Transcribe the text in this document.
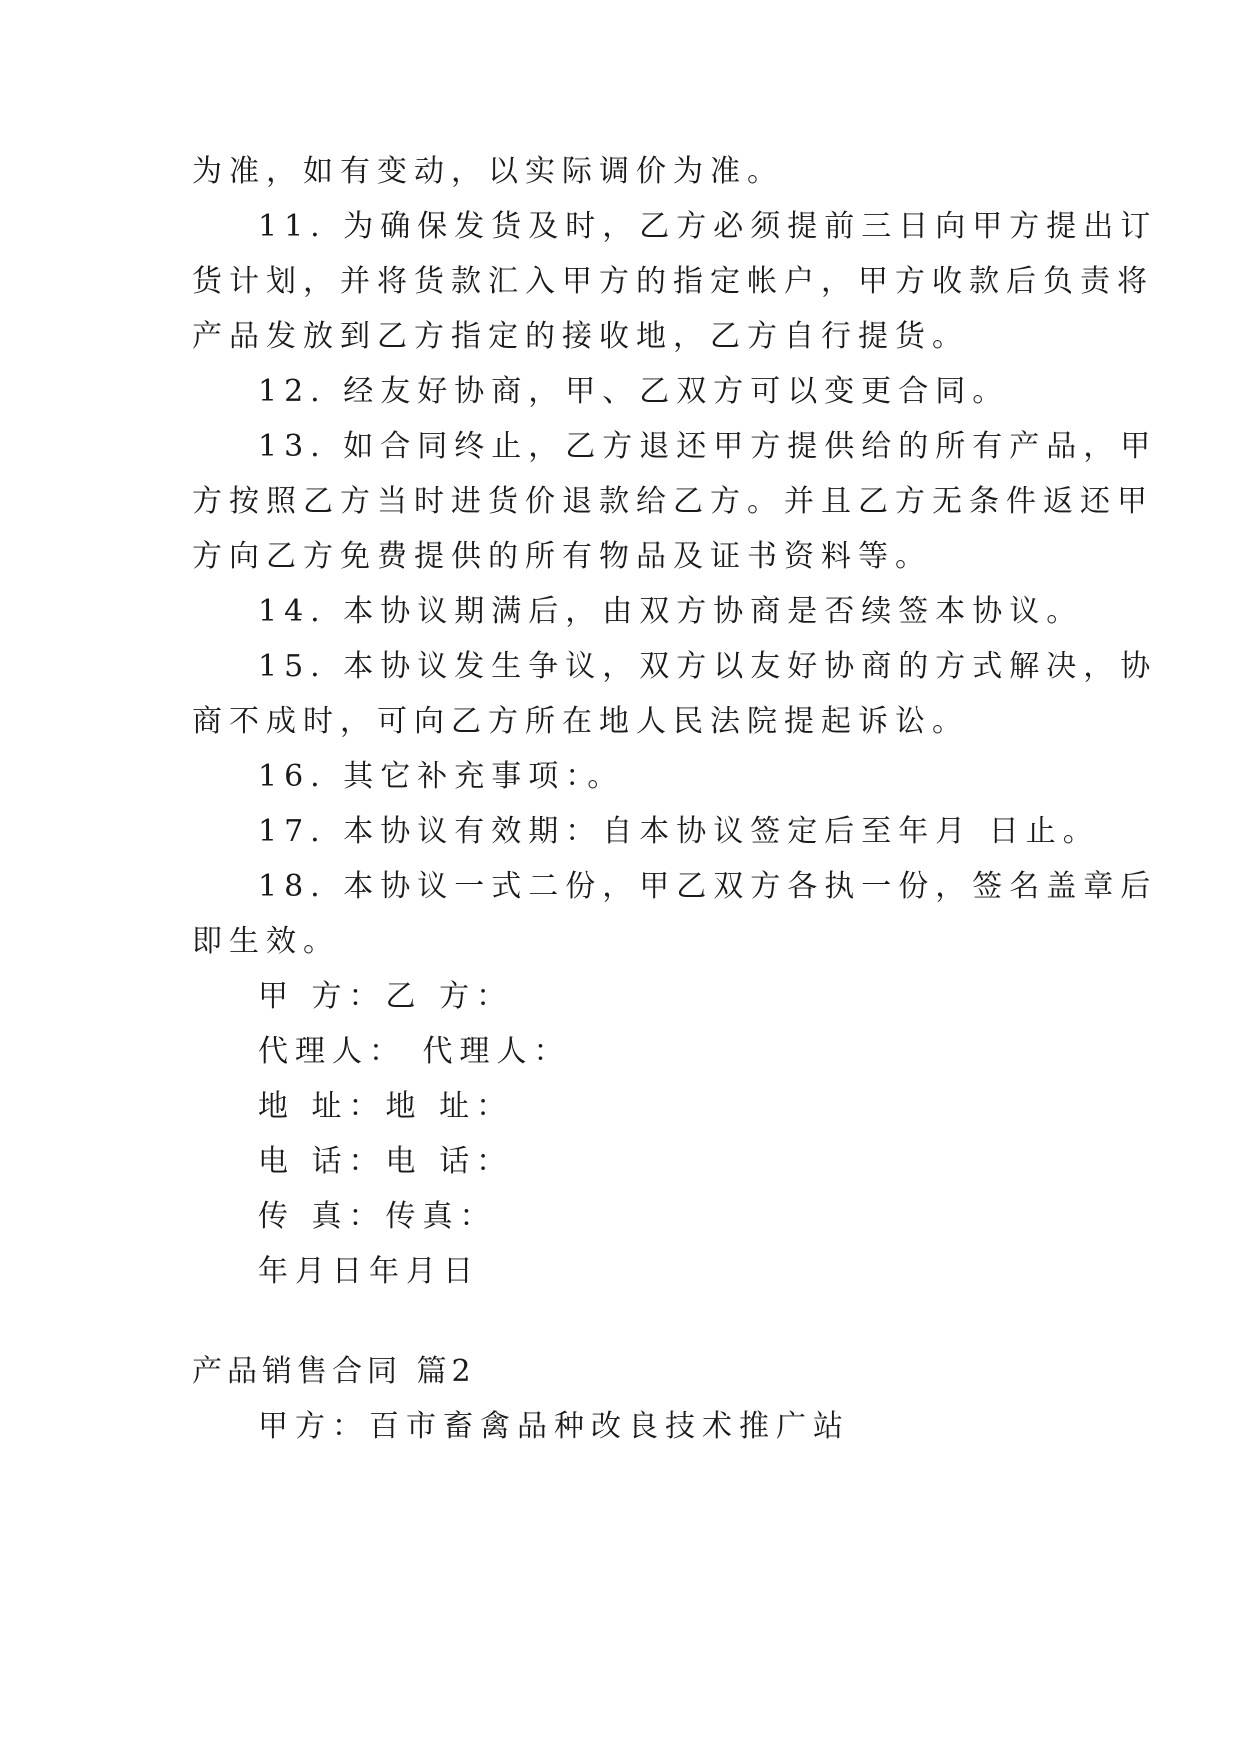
为准，如有变动，以实际调价为准。
11. 为确保发货及时，乙方必须提前三日向甲方提出订
货计划，并将货款汇入甲方的指定帐户，甲方收款后负责将
产品发放到乙方指定的接收地，乙方自行提货。
12. 经友好协商，甲、乙双方可以变更合同。
13. 如合同终止，乙方退还甲方提供给的所有产品，甲
方按照乙方当时进货价退款给乙方。并且乙方无条件返还甲
方向乙方免费提供的所有物品及证书资料等。
14. 本协议期满后，由双方协商是否续签本协议。
15. 本协议发生争议，双方以友好协商的方式解决，协
商不成时，可向乙方所在地人民法院提起诉讼。
16. 其它补充事项：。
17. 本协议有效期：自本协议签定后至年月 日止。
18. 本协议一式二份，甲乙双方各执一份，签名盖章后
即生效。
甲 方：乙 方：
代理人： 代理人：
地 址：地 址：
电 话：电 话：
传 真：传真：
年月日年月日
产品销售合同 篇2
甲方：百市畜禽品种改良技术推广站
